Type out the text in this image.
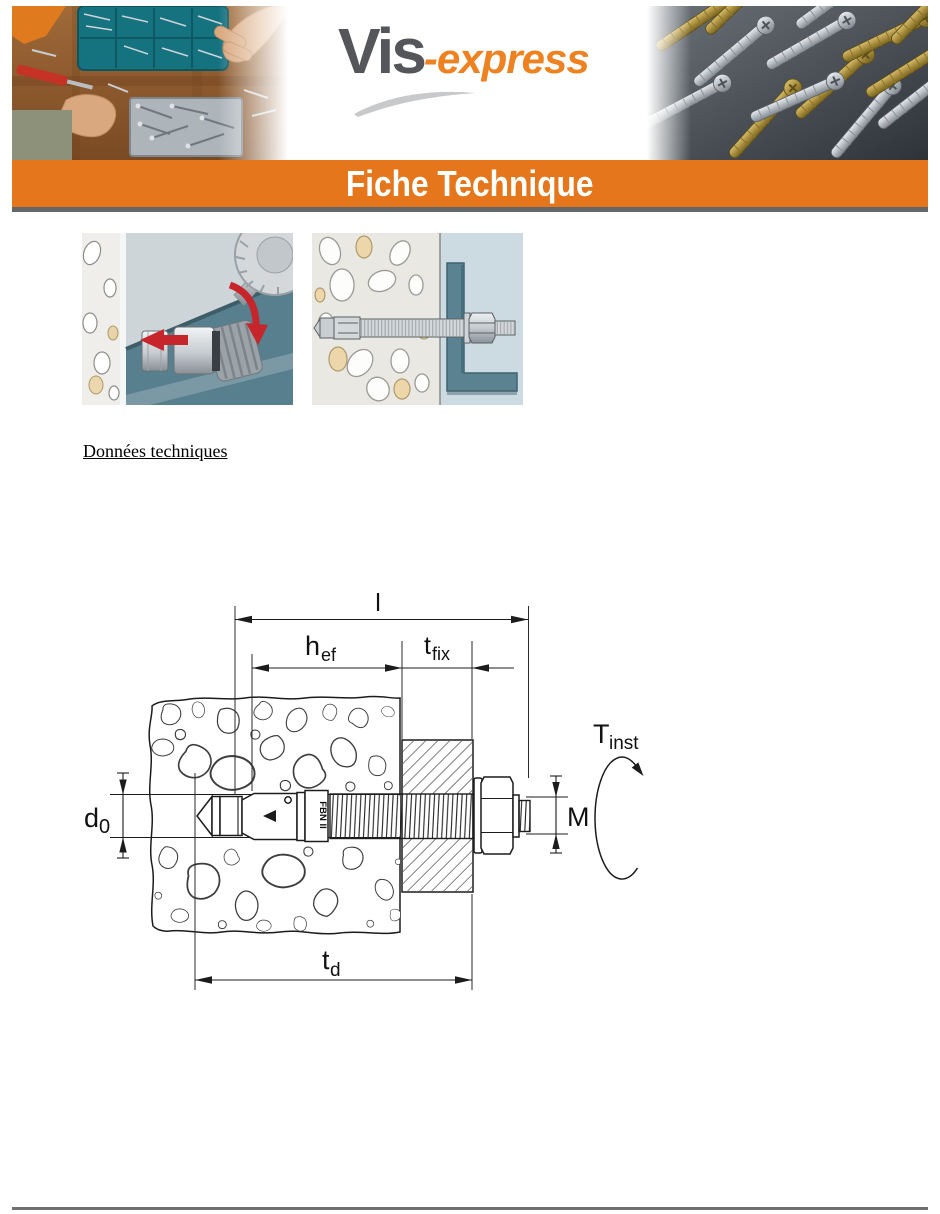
Vis-express
Fiche Technique
Données techniques
FBN II
l
h ef	t fix
d 0
t d
M
T inst
